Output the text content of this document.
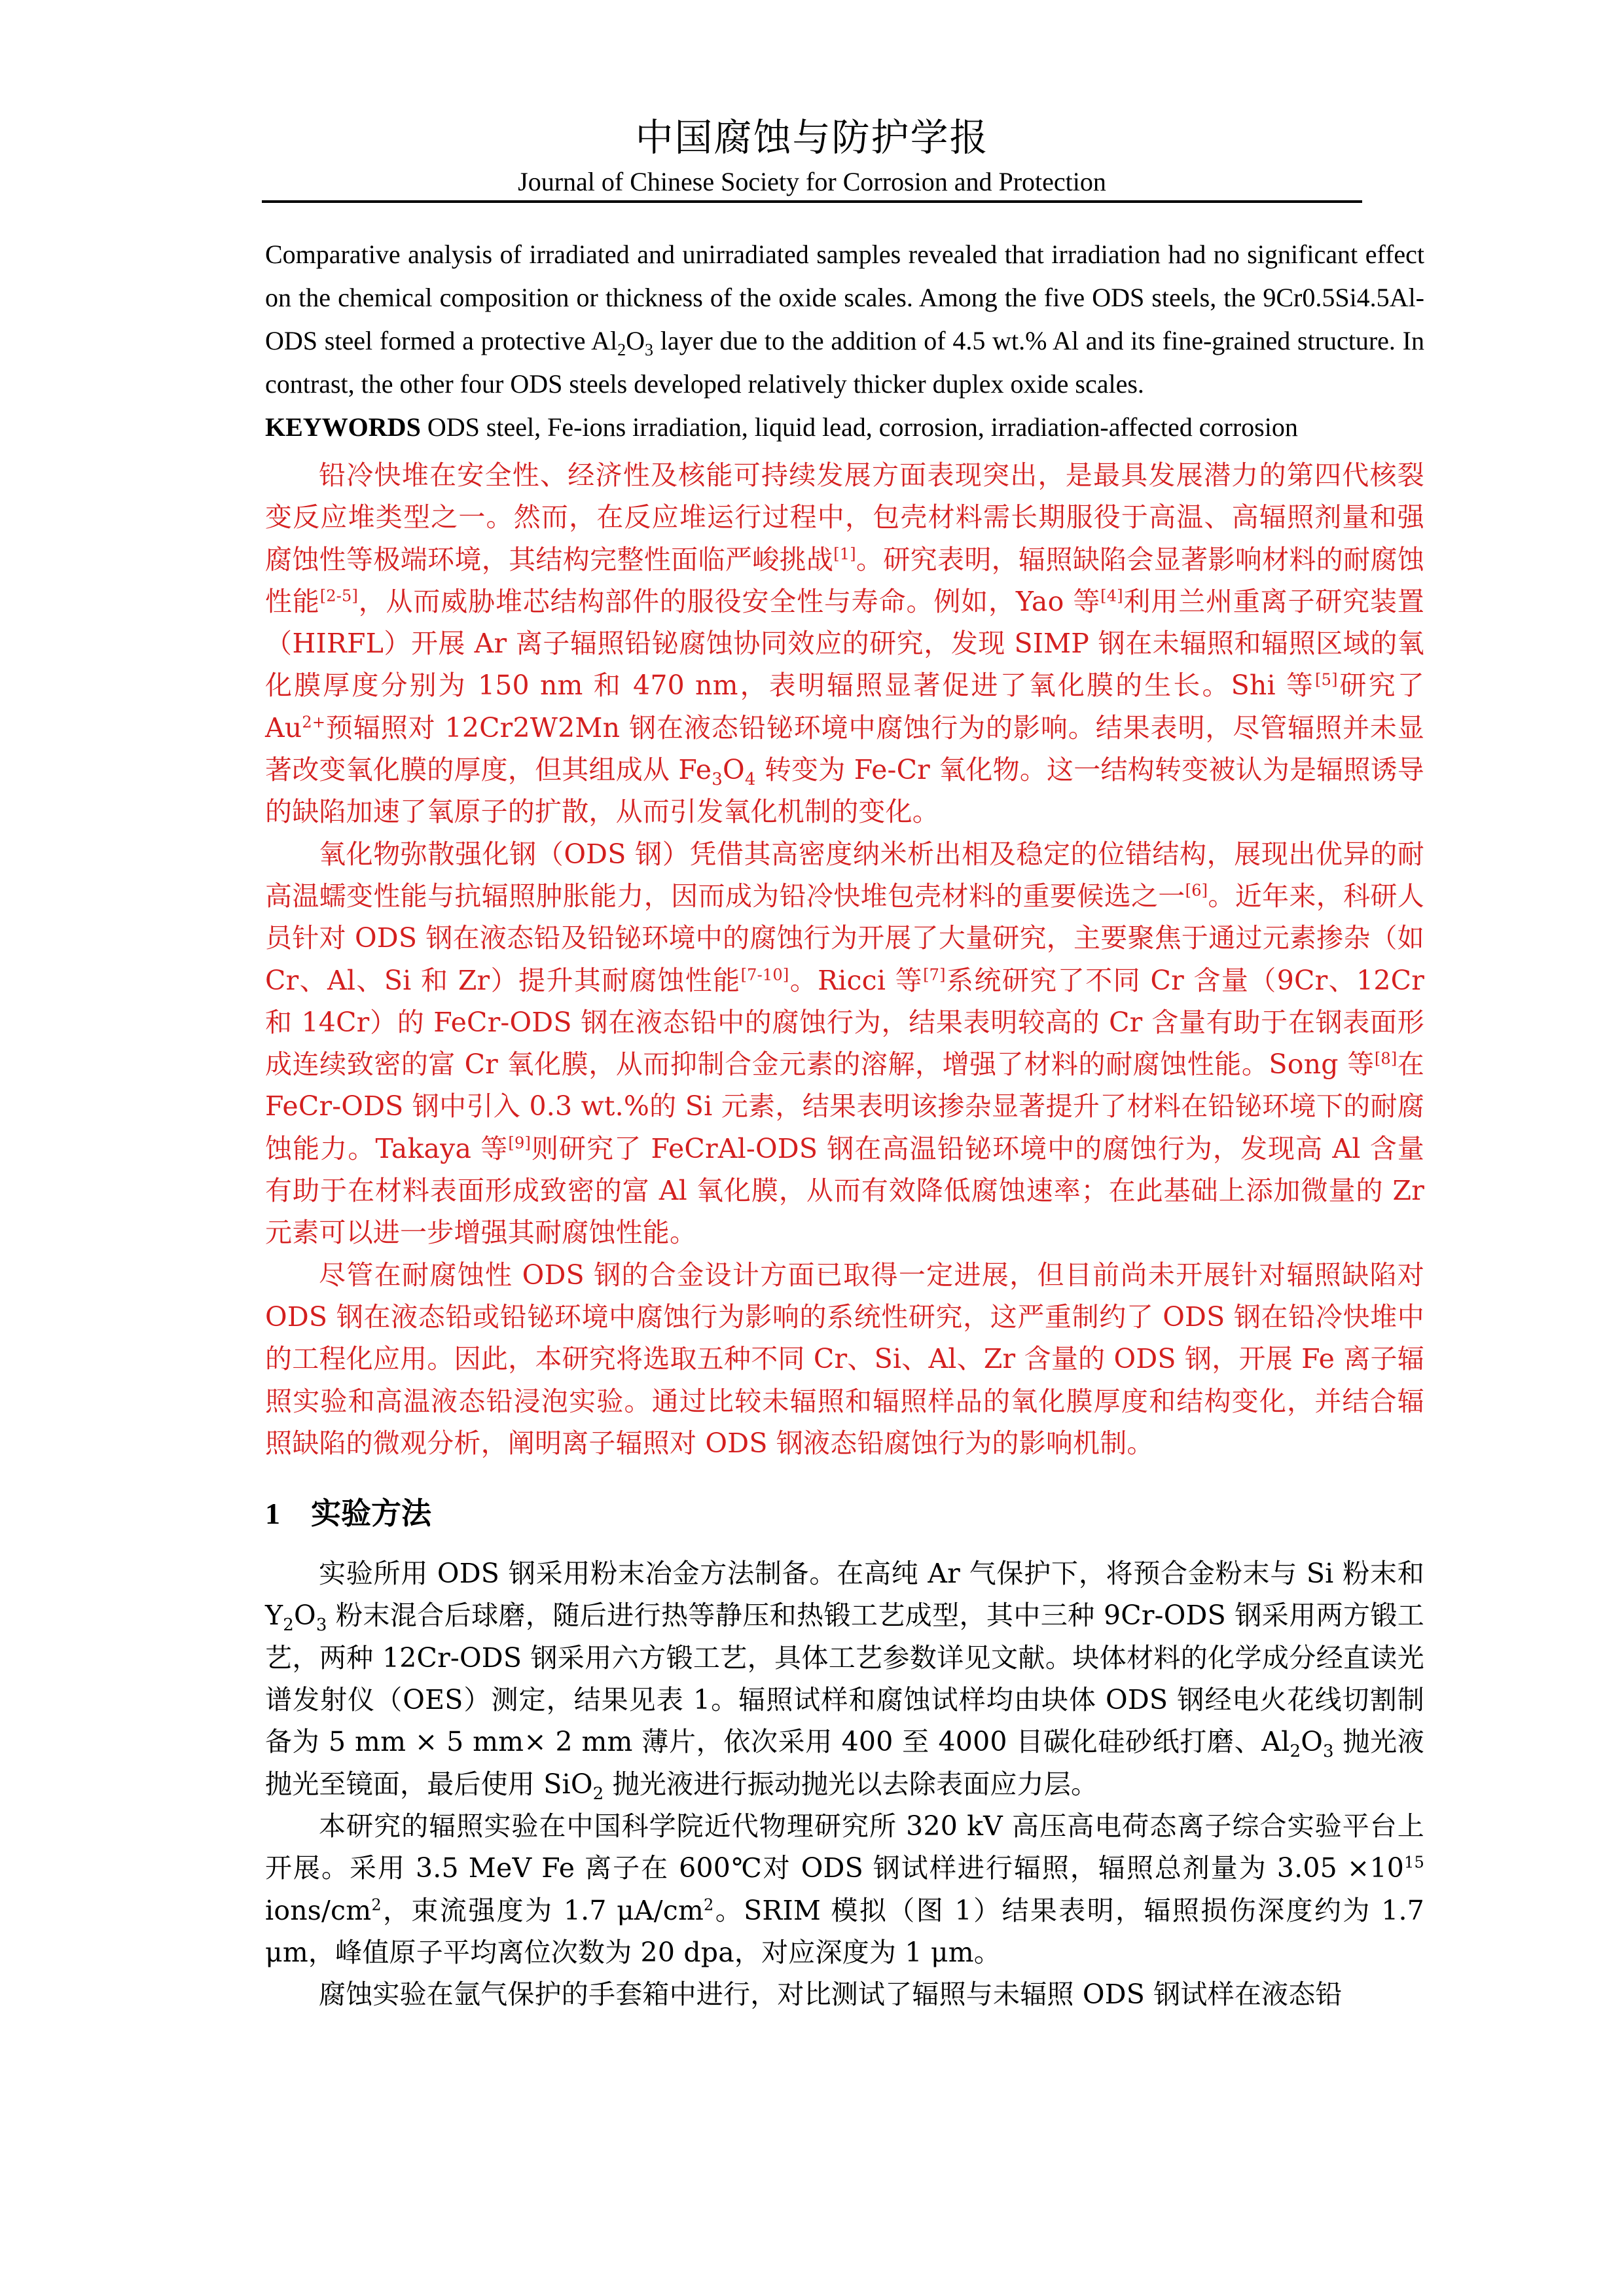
中国腐蚀与防护学报
Journal of Chinese Society for Corrosion and Protection

Comparative analysis of irradiated and unirradiated samples revealed that irradiation had no significant effect on the chemical composition or thickness of the oxide scales. Among the five ODS steels, the 9Cr0.5Si4.5Al-ODS steel formed a protective $Al_2O_3$ layer due to the addition of 4.5 wt.% Al and its fine-grained structure. In contrast, the other four ODS steels developed relatively thicker duplex oxide scales.

KEYWORDS ODS steel, Fe-ions irradiation, liquid lead, corrosion, irradiation-affected corrosion

铅冷快堆在安全性、经济性及核能可持续发展方面表现突出，是最具发展潜力的第四代核裂变反应堆类型之一。然而，在反应堆运行过程中，包壳材料需长期服役于高温、高辐照剂量和强腐蚀性等极端环境，其结构完整性面临严峻挑战[1]。研究表明，辐照缺陷会显著影响材料的耐腐蚀性能[2-5]，从而威胁堆芯结构部件的服役安全性与寿命。例如，Yao 等[4]利用兰州重离子研究装置（HIRFL）开展 Ar 离子辐照铅铋腐蚀协同效应的研究，发现 SIMP 钢在未辐照和辐照区域的氧化膜厚度分别为 150 nm 和 470 nm，表明辐照显著促进了氧化膜的生长。Shi 等[5]研究了 $Au^{2+}$预辐照对 12Cr2W2Mn 钢在液态铅铋环境中腐蚀行为的影响。结果表明，尽管辐照并未显著改变氧化膜的厚度，但其组成从 $Fe_3O_4$ 转变为 Fe-Cr 氧化物。这一结构转变被认为是辐照诱导的缺陷加速了氧原子的扩散，从而引发氧化机制的变化。

氧化物弥散强化钢（ODS 钢）凭借其高密度纳米析出相及稳定的位错结构，展现出优异的耐高温蠕变性能与抗辐照肿胀能力，因而成为铅冷快堆包壳材料的重要候选之一[6]。近年来，科研人员针对 ODS 钢在液态铅及铅铋环境中的腐蚀行为开展了大量研究，主要聚焦于通过元素掺杂（如 Cr、Al、Si 和 Zr）提升其耐腐蚀性能[7-10]。Ricci 等[7]系统研究了不同 Cr 含量（9Cr、12Cr 和 14Cr）的 FeCr-ODS 钢在液态铅中的腐蚀行为，结果表明较高的 Cr 含量有助于在钢表面形成连续致密的富 Cr 氧化膜，从而抑制合金元素的溶解，增强了材料的耐腐蚀性能。Song 等[8]在 FeCr-ODS 钢中引入 0.3 wt.%的 Si 元素，结果表明该掺杂显著提升了材料在铅铋环境下的耐腐蚀能力。Takaya 等[9]则研究了 FeCrAl-ODS 钢在高温铅铋环境中的腐蚀行为，发现高 Al 含量有助于在材料表面形成致密的富 Al 氧化膜，从而有效降低腐蚀速率；在此基础上添加微量的 Zr 元素可以进一步增强其耐腐蚀性能。

尽管在耐腐蚀性 ODS 钢的合金设计方面已取得一定进展，但目前尚未开展针对辐照缺陷对 ODS 钢在液态铅或铅铋环境中腐蚀行为影响的系统性研究，这严重制约了 ODS 钢在铅冷快堆中的工程化应用。因此，本研究将选取五种不同 Cr、Si、Al、Zr 含量的 ODS 钢，开展 Fe 离子辐照实验和高温液态铅浸泡实验。通过比较未辐照和辐照样品的氧化膜厚度和结构变化，并结合辐照缺陷的微观分析，阐明离子辐照对 ODS 钢液态铅腐蚀行为的影响机制。

1 实验方法

实验所用 ODS 钢采用粉末冶金方法制备。在高纯 Ar 气保护下，将预合金粉末与 Si 粉末和 $Y_2O_3$ 粉末混合后球磨，随后进行热等静压和热锻工艺成型，其中三种 9Cr-ODS 钢采用两方锻工艺，两种 12Cr-ODS 钢采用六方锻工艺，具体工艺参数详见文献。块体材料的化学成分经直读光谱发射仪（OES）测定，结果见表 1。辐照试样和腐蚀试样均由块体 ODS 钢经电火花线切割制备为 5 mm × 5 mm× 2 mm 薄片，依次采用 400 至 4000 目碳化硅砂纸打磨、$Al_2O_3$ 抛光液抛光至镜面，最后使用 SiO$_2$ 抛光液进行振动抛光以去除表面应力层。

本研究的辐照实验在中国科学院近代物理研究所 320 kV 高压高电荷态离子综合实验平台上开展。采用 3.5 MeV Fe 离子在 600℃对 ODS 钢试样进行辐照，辐照总剂量为 $3.05 \times 10^{15}$ ions/$cm^2$，束流强度为 1.7 $\mu A/cm^2$。SRIM 模拟（图 1）结果表明，辐照损伤深度约为 1.7 μm，峰值原子平均离位次数为 20 dpa，对应深度为 1 μm。

腐蚀实验在氩气保护的手套箱中进行，对比测试了辐照与未辐照 ODS 钢试样在液态铅
